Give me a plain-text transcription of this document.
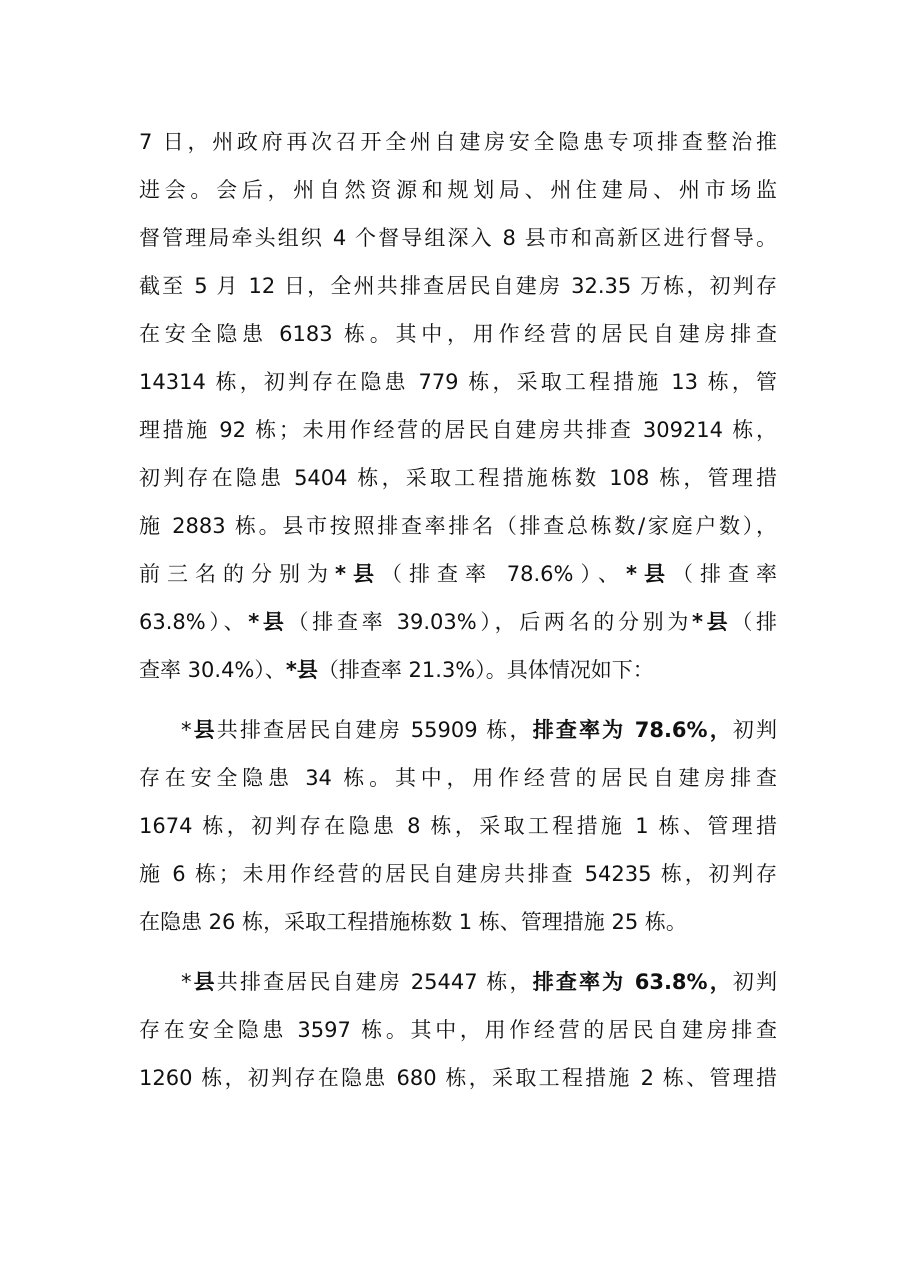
7 日，州政府再次召开全州自建房安全隐患专项排查整治推
进会。会后，州自然资源和规划局、州住建局、州市场监
督管理局牵头组织 4 个督导组深入 8 县市和高新区进行督导。
截至 5 月 12 日，全州共排查居民自建房 32.35 万栋，初判存
在安全隐患 6183 栋。其中，用作经营的居民自建房排查
14314 栋，初判存在隐患 779 栋，采取工程措施 13 栋，管
理措施 92 栋；未用作经营的居民自建房共排查 309214 栋，
初判存在隐患 5404 栋，采取工程措施栋数 108 栋，管理措
施 2883 栋。县市按照排查率排名（排查总栋数/家庭户数），
前三名的分别为*县（排查率 78.6%）、*县（排查率
63.8%）、*县（排查率 39.03%），后两名的分别为*县（排
查率 30.4%）、*县（排查率 21.3%）。具体情况如下：
*县共排查居民自建房 55909 栋，排查率为 78.6%，初判
存在安全隐患 34 栋。其中，用作经营的居民自建房排查
1674 栋，初判存在隐患 8 栋，采取工程措施 1 栋、管理措
施 6 栋；未用作经营的居民自建房共排查 54235 栋，初判存
在隐患 26 栋，采取工程措施栋数 1 栋、管理措施 25 栋。
*县共排查居民自建房 25447 栋，排查率为 63.8%，初判
存在安全隐患 3597 栋。其中，用作经营的居民自建房排查
1260 栋，初判存在隐患 680 栋，采取工程措施 2 栋、管理措
